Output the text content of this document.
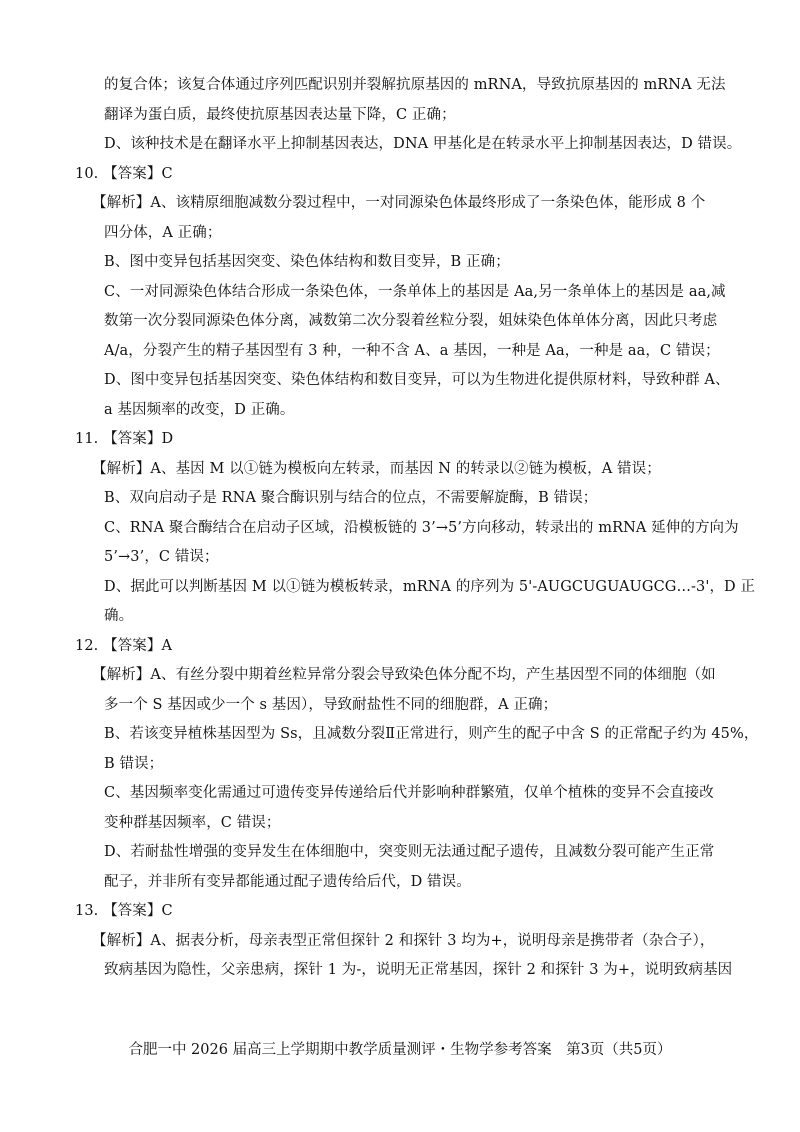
的复合体；该复合体通过序列匹配识别并裂解抗原基因的 mRNA，导致抗原基因的 mRNA 无法
翻译为蛋白质，最终使抗原基因表达量下降，C 正确；
D、该种技术是在翻译水平上抑制基因表达，DNA 甲基化是在转录水平上抑制基因表达，D 错误。
10. 【答案】C
【解析】A、该精原细胞减数分裂过程中，一对同源染色体最终形成了一条染色体，能形成 8 个
四分体，A 正确；
B、图中变异包括基因突变、染色体结构和数目变异，B 正确；
C、一对同源染色体结合形成一条染色体，一条单体上的基因是 Aa,另一条单体上的基因是 aa,减
数第一次分裂同源染色体分离，减数第二次分裂着丝粒分裂，姐妹染色体单体分离，因此只考虑
A/a，分裂产生的精子基因型有 3 种，一种不含 A、a 基因，一种是 Aa，一种是 aa，C 错误；
D、图中变异包括基因突变、染色体结构和数目变异，可以为生物进化提供原材料，导致种群 A、
a 基因频率的改变，D 正确。
11. 【答案】D
【解析】A、基因 M 以①链为模板向左转录，而基因 N 的转录以②链为模板，A 错误；
B、双向启动子是 RNA 聚合酶识别与结合的位点，不需要解旋酶，B 错误；
C、RNA 聚合酶结合在启动子区域，沿模板链的 3’→5’方向移动，转录出的 mRNA 延伸的方向为
5’→3’，C 错误；
D、据此可以判断基因 M 以①链为模板转录，mRNA 的序列为 5'-AUGCUGUAUGCG…-3'，D 正
确。
12. 【答案】A
【解析】A、有丝分裂中期着丝粒异常分裂会导致染色体分配不均，产生基因型不同的体细胞（如
多一个 S 基因或少一个 s 基因），导致耐盐性不同的细胞群，A 正确；
B、若该变异植株基因型为 Ss，且减数分裂Ⅱ正常进行，则产生的配子中含 S 的正常配子约为 45%，
B 错误；
C、基因频率变化需通过可遗传变异传递给后代并影响种群繁殖，仅单个植株的变异不会直接改
变种群基因频率，C 错误；
D、若耐盐性增强的变异发生在体细胞中，突变则无法通过配子遗传，且减数分裂可能产生正常
配子，并非所有变异都能通过配子遗传给后代，D 错误。
13. 【答案】C
【解析】A、据表分析，母亲表型正常但探针 2 和探针 3 均为+，说明母亲是携带者（杂合子），
致病基因为隐性，父亲患病，探针 1 为-，说明无正常基因，探针 2 和探针 3 为+，说明致病基因
合肥一中 2026 届高三上学期期中教学质量测评・生物学参考答案　第3页（共5页）
